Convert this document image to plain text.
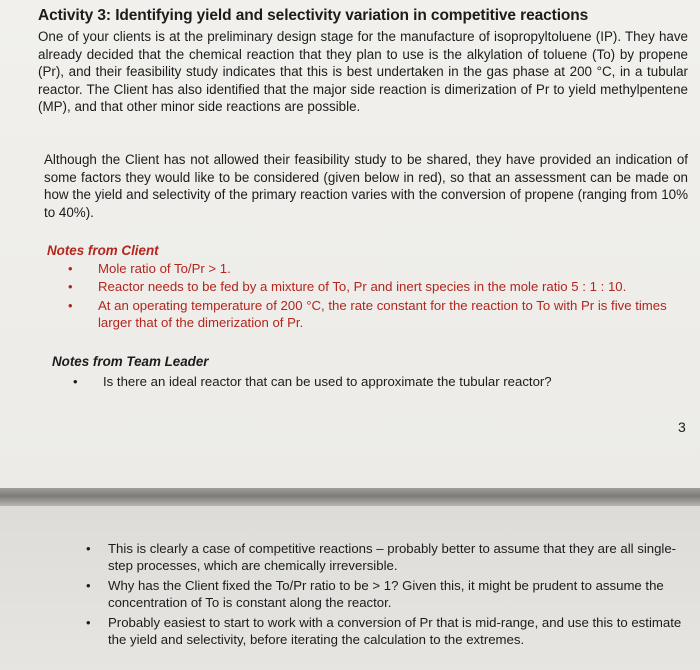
Activity 3: Identifying yield and selectivity variation in competitive reactions
One of your clients is at the preliminary design stage for the manufacture of isopropyltoluene (IP). They have already decided that the chemical reaction that they plan to use is the alkylation of toluene (To) by propene (Pr), and their feasibility study indicates that this is best undertaken in the gas phase at 200 °C, in a tubular reactor. The Client has also identified that the major side reaction is dimerization of Pr to yield methylpentene (MP), and that other minor side reactions are possible.
Although the Client has not allowed their feasibility study to be shared, they have provided an indication of some factors they would like to be considered (given below in red), so that an assessment can be made on how the yield and selectivity of the primary reaction varies with the conversion of propene (ranging from 10% to 40%).
Notes from Client
• Mole ratio of To/Pr > 1.
• Reactor needs to be fed by a mixture of To, Pr and inert species in the mole ratio 5 : 1 : 10.
• At an operating temperature of 200 °C, the rate constant for the reaction to To with Pr is five times larger that of the dimerization of Pr.
Notes from Team Leader
• Is there an ideal reactor that can be used to approximate the tubular reactor?
3
• This is clearly a case of competitive reactions – probably better to assume that they are all single-step processes, which are chemically irreversible.
• Why has the Client fixed the To/Pr ratio to be > 1? Given this, it might be prudent to assume the concentration of To is constant along the reactor.
• Probably easiest to start to work with a conversion of Pr that is mid-range, and use this to estimate the yield and selectivity, before iterating the calculation to the extremes.
